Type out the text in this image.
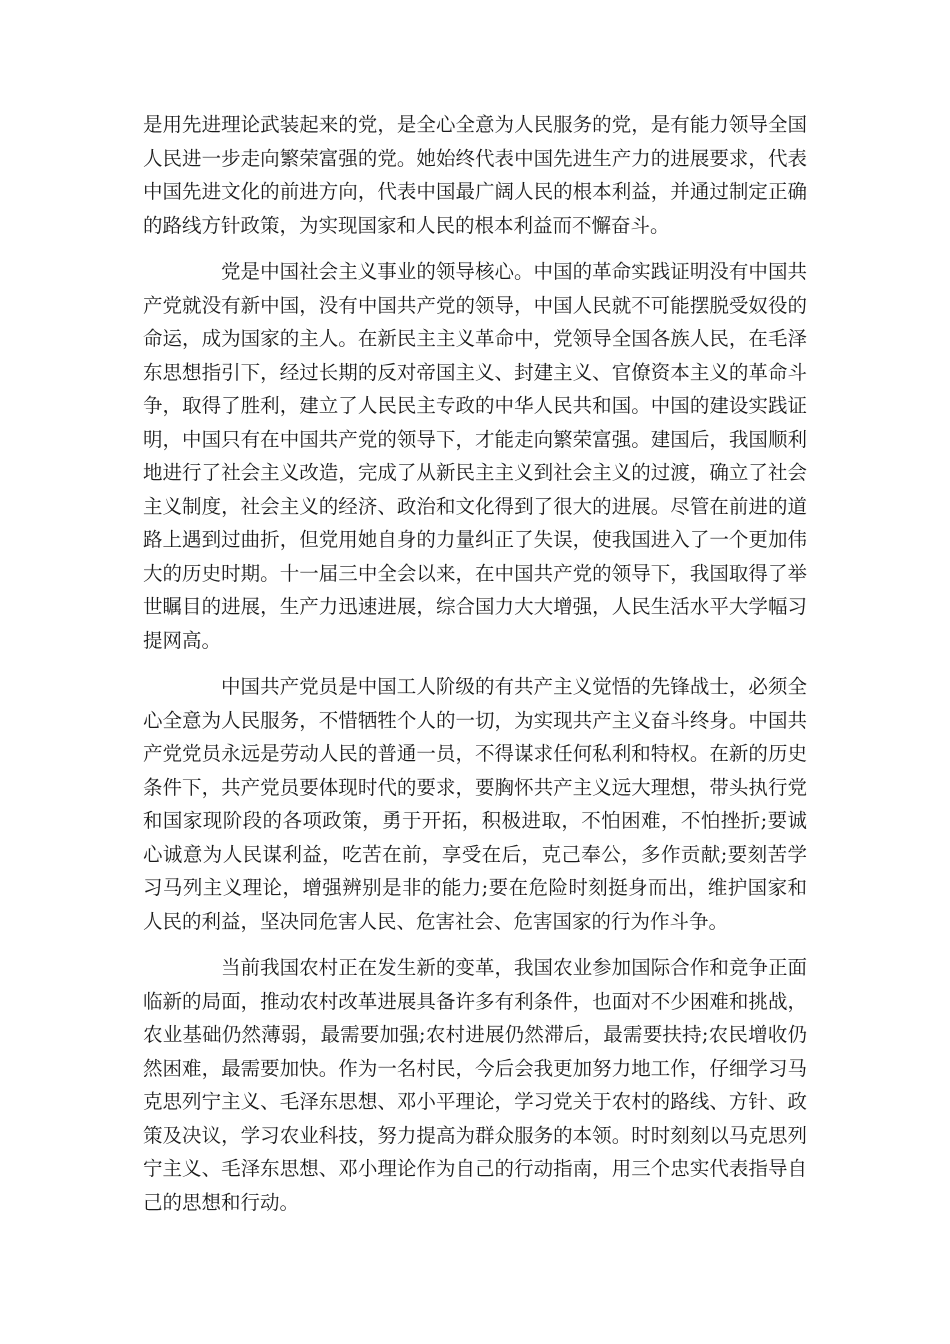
是用先进理论武装起来的党，是全心全意为人民服务的党，是有能力领导全国人民进一步走向繁荣富强的党。她始终代表中国先进生产力的进展要求，代表中国先进文化的前进方向，代表中国最广阔人民的根本利益，并通过制定正确的路线方针政策，为实现国家和人民的根本利益而不懈奋斗。

党是中国社会主义事业的领导核心。中国的革命实践证明没有中国共产党就没有新中国，没有中国共产党的领导，中国人民就不可能摆脱受奴役的命运，成为国家的主人。在新民主主义革命中，党领导全国各族人民，在毛泽东思想指引下，经过长期的反对帝国主义、封建主义、官僚资本主义的革命斗争，取得了胜利，建立了人民民主专政的中华人民共和国。中国的建设实践证明，中国只有在中国共产党的领导下，才能走向繁荣富强。建国后，我国顺利地进行了社会主义改造，完成了从新民主主义到社会主义的过渡，确立了社会主义制度，社会主义的经济、政治和文化得到了很大的进展。尽管在前进的道路上遇到过曲折，但党用她自身的力量纠正了失误，使我国进入了一个更加伟大的历史时期。十一届三中全会以来，在中国共产党的领导下，我国取得了举世瞩目的进展，生产力迅速进展，综合国力大大增强，人民生活水平大学幅习提网高。

中国共产党员是中国工人阶级的有共产主义觉悟的先锋战士，必须全心全意为人民服务，不惜牺牲个人的一切，为实现共产主义奋斗终身。中国共产党党员永远是劳动人民的普通一员，不得谋求任何私利和特权。在新的历史条件下，共产党员要体现时代的要求，要胸怀共产主义远大理想，带头执行党和国家现阶段的各项政策，勇于开拓，积极进取，不怕困难，不怕挫折;要诚心诚意为人民谋利益，吃苦在前，享受在后，克己奉公，多作贡献;要刻苦学习马列主义理论，增强辨别是非的能力;要在危险时刻挺身而出，维护国家和人民的利益，坚决同危害人民、危害社会、危害国家的行为作斗争。

当前我国农村正在发生新的变革，我国农业参加国际合作和竞争正面临新的局面，推动农村改革进展具备许多有利条件，也面对不少困难和挑战，农业基础仍然薄弱，最需要加强;农村进展仍然滞后，最需要扶持;农民增收仍然困难，最需要加快。作为一名村民，今后会我更加努力地工作，仔细学习马克思列宁主义、毛泽东思想、邓小平理论，学习党关于农村的路线、方针、政策及决议，学习农业科技，努力提高为群众服务的本领。时时刻刻以马克思列宁主义、毛泽东思想、邓小理论作为自己的行动指南，用三个忠实代表指导自己的思想和行动。
